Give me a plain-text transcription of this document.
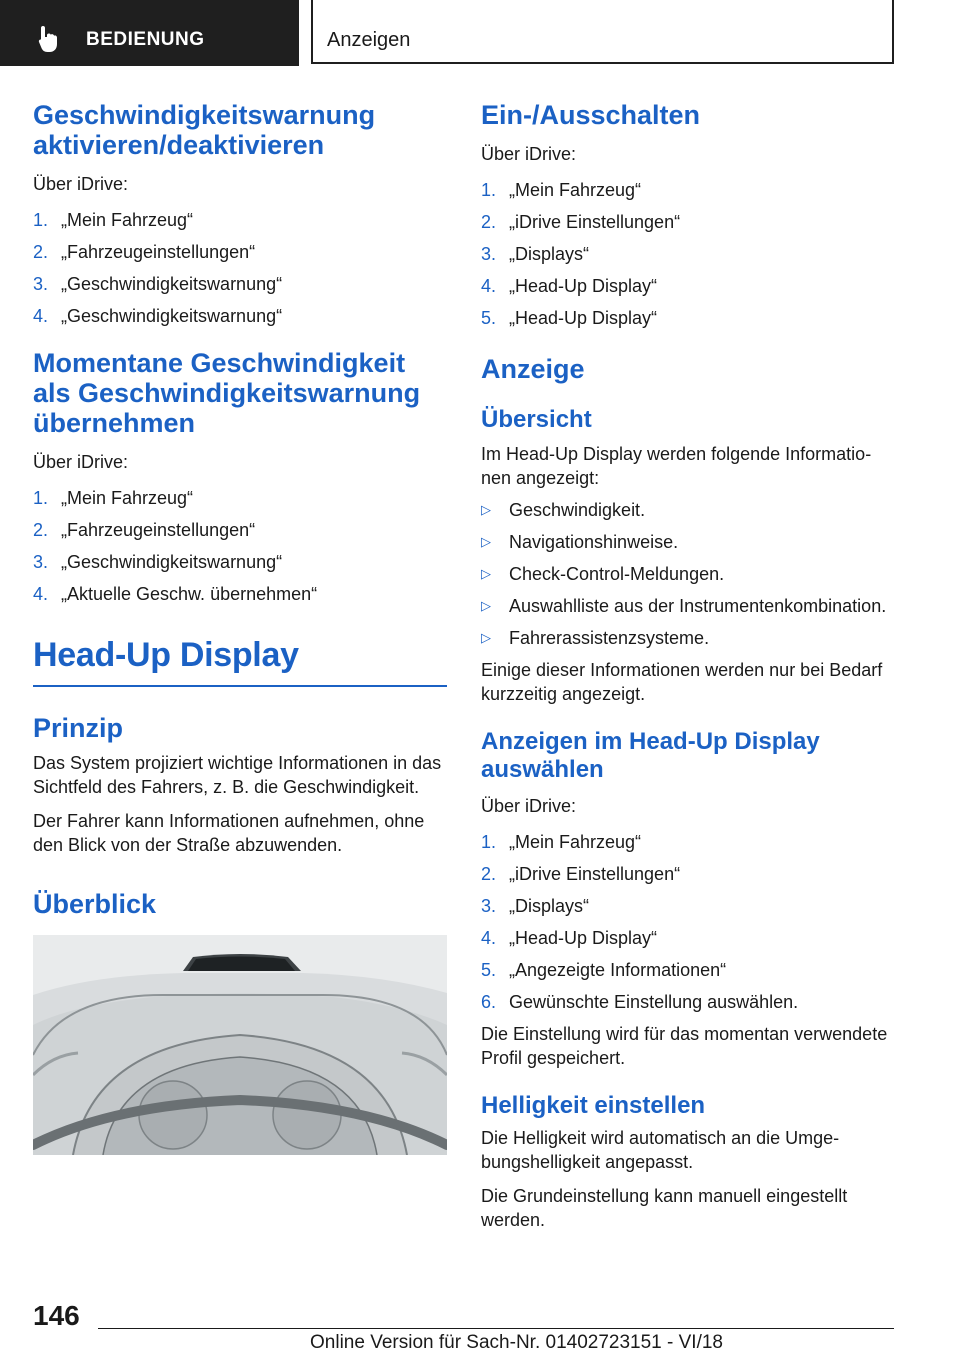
BEDIENUNG	Anzeigen
Geschwindigkeitswarnung aktivieren/deaktivieren

Über iDrive:

1. „Mein Fahrzeug“
2. „Fahrzeugeinstellungen“
3. „Geschwindigkeitswarnung“
4. „Geschwindigkeitswarnung“
Momentane Geschwindigkeit als Geschwindigkeitswarnung übernehmen

Über iDrive:

1. „Mein Fahrzeug“
2. „Fahrzeugeinstellungen“
3. „Geschwindigkeitswarnung“
4. „Aktuelle Geschw. übernehmen“
Head-Up Display
Prinzip

Das System projiziert wichtige Informationen in das Sichtfeld des Fahrers, z. B. die Geschwindigkeit.

Der Fahrer kann Informationen aufnehmen, ohne den Blick von der Straße abzuwenden.

Überblick
Ein-/Ausschalten

Über iDrive:

1. „Mein Fahrzeug“
2. „iDrive Einstellungen“
3. „Displays“
4. „Head-Up Display“
5. „Head-Up Display“
Anzeige
Übersicht

Im Head-Up Display werden folgende Informationen angezeigt:

▷	Geschwindigkeit.
▷	Navigationshinweise.
▷	Check-Control-Meldungen.
▷	Auswahlliste aus der Instrumentenkombination.
▷	Fahrerassistenzsysteme.

Einige dieser Informationen werden nur bei Bedarf kurzzeitig angezeigt.

Anzeigen im Head-Up Display auswählen

Über iDrive:

1. „Mein Fahrzeug“
2. „iDrive Einstellungen“
3. „Displays“
4. „Head-Up Display“
5. „Angezeigte Informationen“
6. Gewünschte Einstellung auswählen.

Die Einstellung wird für das momentan verwendete Profil gespeichert.

Helligkeit einstellen

Die Helligkeit wird automatisch an die Umgebungshelligkeit angepasst.

Die Grundeinstellung kann manuell eingestellt werden.

146
Online Version für Sach-Nr. 01402723151 - VI/18
